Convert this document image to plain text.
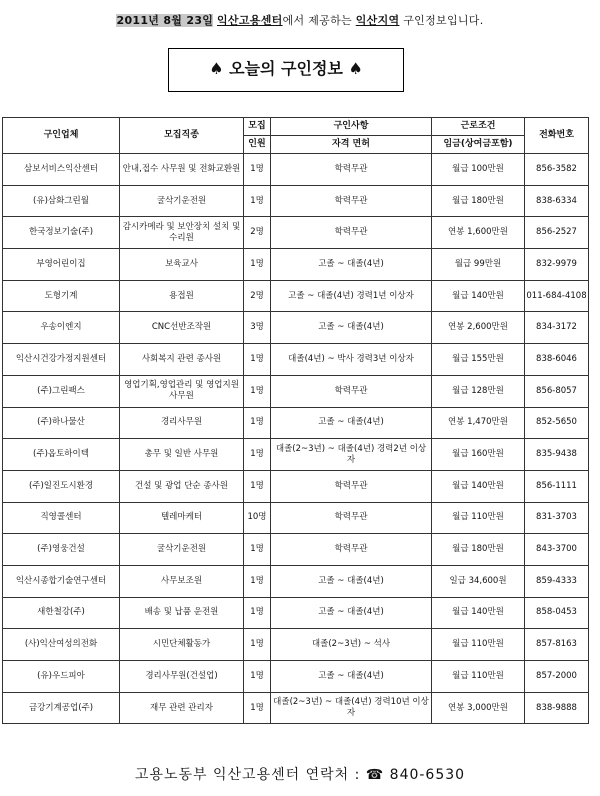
2011년 8월 23일 익산고용센터에서 제공하는 익산지역 구인정보입니다.
♠ 오늘의 구인정보 ♠
구인업체	모집직종	모집	구인사항	근로조건	전화번호
		인원	자격 면허	임금(상여금포함)	
삼보서비스익산센터	안내,접수 사무원 및 전화교환원	1명	학력무관	월급 100만원	856-3582
(유)삼화그린월	굴삭기운전원	1명	학력무관	월급 180만원	838-6334
한국정보기술(주)	감시카메라 및 보안장치 설치 및 수리원	2명	학력무관	연봉 1,600만원	856-2527
부영어린이집	보육교사	1명	고졸 ~ 대졸(4년)	월급 99만원	832-9979
도형기계	용접원	2명	고졸 ~ 대졸(4년) 경력1년 이상자	월급 140만원	011-684-4108
우송이엔지	CNC선반조작원	3명	고졸 ~ 대졸(4년)	연봉 2,600만원	834-3172
익산시건강가정지원센터	사회복지 관련 종사원	1명	대졸(4년) ~ 박사 경력3년 이상자	월급 155만원	838-6046
(주)그린팩스	영업기획,영업관리 및 영업지원 사무원	1명	학력무관	월급 128만원	856-8057
(주)하나물산	경리사무원	1명	고졸 ~ 대졸(4년)	연봉 1,470만원	852-5650
(주)옵토하이텍	총무 및 일반 사무원	1명	대졸(2~3년) ~ 대졸(4년) 경력2년 이상자	월급 160만원	835-9438
(주)일진도시환경	건설 및 광업 단순 종사원	1명	학력무관	월급 140만원	856-1111
직영콜센터	텔레마케터	10명	학력무관	월급 110만원	831-3703
(주)영웅건설	굴삭기운전원	1명	학력무관	월급 180만원	843-3700
익산시종합기술연구센터	사무보조원	1명	고졸 ~ 대졸(4년)	일급 34,600원	859-4333
새한철강(주)	배송 및 납품 운전원	1명	고졸 ~ 대졸(4년)	월급 140만원	858-0453
(사)익산여성의전화	시민단체활동가	1명	대졸(2~3년) ~ 석사	월급 110만원	857-8163
(유)우드피아	경리사무원(건설업)	1명	고졸 ~ 대졸(4년)	월급 110만원	857-2000
금강기계공업(주)	재무 관련 관리자	1명	대졸(2~3년) ~ 대졸(4년) 경력10년 이상자	연봉 3,000만원	838-9888
고용노동부 익산고용센터 연락처 : ☎ 840-6530
